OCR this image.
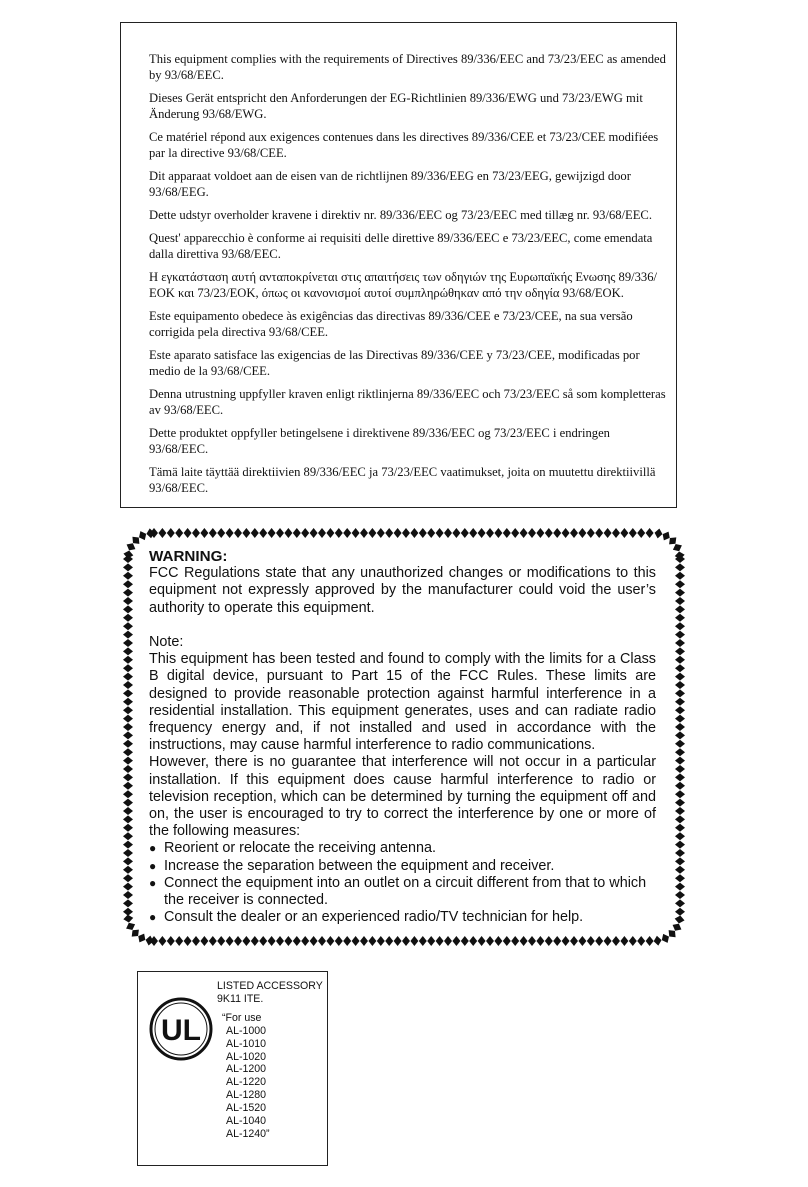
This equipment complies with the requirements of Directives 89/336/EEC and 73/23/EEC as amended by 93/68/EEC.

Dieses Gerät entspricht den Anforderungen der EG-Richtlinien 89/336/EWG und 73/23/EWG mit Änderung 93/68/EWG.

Ce matériel répond aux exigences contenues dans les directives 89/336/CEE et 73/23/CEE modifiées par la directive 93/68/CEE.

Dit apparaat voldoet aan de eisen van de richtlijnen 89/336/EEG en 73/23/EEG, gewijzigd door 93/68/EEG.

Dette udstyr overholder kravene i direktiv nr. 89/336/EEC og 73/23/EEC med tillæg nr. 93/68/EEC.

Quest' apparecchio è conforme ai requisiti delle direttive 89/336/EEC e 73/23/EEC, come emendata dalla direttiva 93/68/EEC.

Η εγκατάσταση αυτή ανταποκρίνεται στις απαιτήσεις των οδηγιών της Ευρωπαϊκής Ενωσης 89/336/ΕΟΚ και 73/23/ΕΟΚ, όπως οι κανονισμοί αυτοί συμπληρώθηκαν από την οδηγία 93/68/ΕΟΚ.

Este equipamento obedece às exigências das directivas 89/336/CEE e 73/23/CEE, na sua versão corrigida pela directiva 93/68/CEE.

Este aparato satisface las exigencias de las Directivas 89/336/CEE y 73/23/CEE, modificadas por medio de la 93/68/CEE.

Denna utrustning uppfyller kraven enligt riktlinjerna 89/336/EEC och 73/23/EEC så som kompletteras av 93/68/EEC.

Dette produktet oppfyller betingelsene i direktivene 89/336/EEC og 73/23/EEC i endringen 93/68/EEC.

Tämä laite täyttää direktiivien 89/336/EEC ja 73/23/EEC vaatimukset, joita on muutettu direktiivillä 93/68/EEC.

WARNING:

FCC Regulations state that any unauthorized changes or modifications to this equipment not expressly approved by the manufacturer could void the user’s authority to operate this equipment.

Note:

This equipment has been tested and found to comply with the limits for a Class B digital device, pursuant to Part 15 of the FCC Rules. These limits are designed to provide reasonable protection against harmful interference in a residential installation. This equipment generates, uses and can radiate radio frequency energy and, if not installed and used in accordance with the instructions, may cause harmful interference to radio communications.

However, there is no guarantee that interference will not occur in a particular installation. If this equipment does cause harmful interference to radio or television reception, which can be determined by turning the equipment off and on, the user is encouraged to try to correct the interference by one or more of the following measures:

● Reorient or relocate the receiving antenna.
● Increase the separation between the equipment and receiver.
● Connect the equipment into an outlet on a circuit different from that to which the receiver is connected.
● Consult the dealer or an experienced radio/TV technician for help.
UL
LISTED ACCESSORY
9K11 ITE.
“For use
AL-1000
AL-1010
AL-1020
AL-1200
AL-1220
AL-1280
AL-1520
AL-1040
AL-1240”
